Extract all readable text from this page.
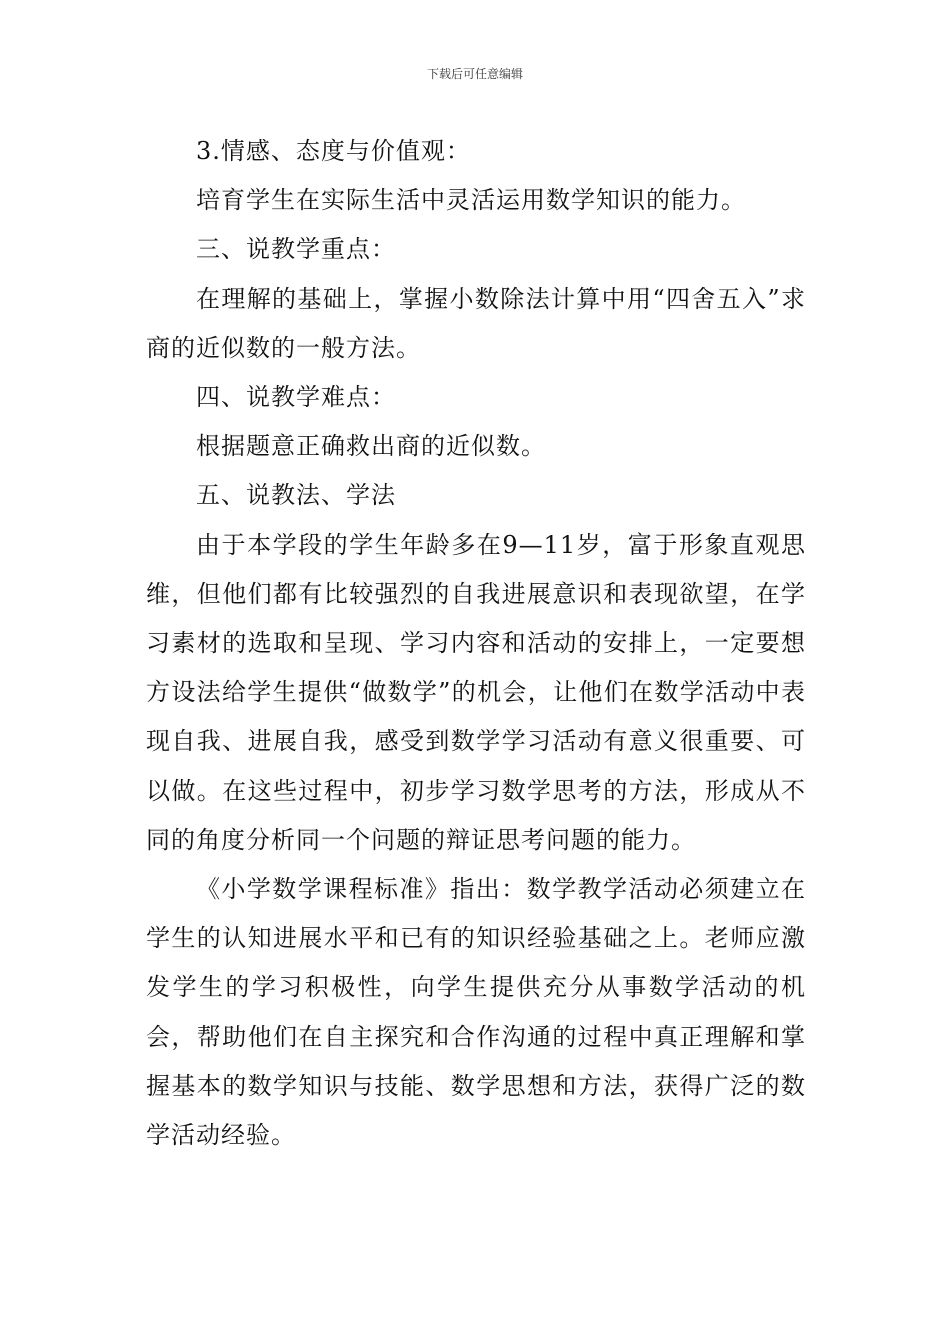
下载后可任意编辑

3.情感、态度与价值观：

培育学生在实际生活中灵活运用数学知识的能力。

三、说教学重点：

在理解的基础上，掌握小数除法计算中用“四舍五入”求商的近似数的一般方法。

四、说教学难点：

根据题意正确救出商的近似数。

五、说教法、学法

由于本学段的学生年龄多在9—11岁，富于形象直观思维，但他们都有比较强烈的自我进展意识和表现欲望，在学习素材的选取和呈现、学习内容和活动的安排上，一定要想方设法给学生提供“做数学”的机会，让他们在数学活动中表现自我、进展自我，感受到数学学习活动有意义很重要、可以做。在这些过程中，初步学习数学思考的方法，形成从不同的角度分析同一个问题的辩证思考问题的能力。

《小学数学课程标准》指出：数学教学活动必须建立在学生的认知进展水平和已有的知识经验基础之上。老师应激发学生的学习积极性，向学生提供充分从事数学活动的机会，帮助他们在自主探究和合作沟通的过程中真正理解和掌握基本的数学知识与技能、数学思想和方法，获得广泛的数学活动经验。
